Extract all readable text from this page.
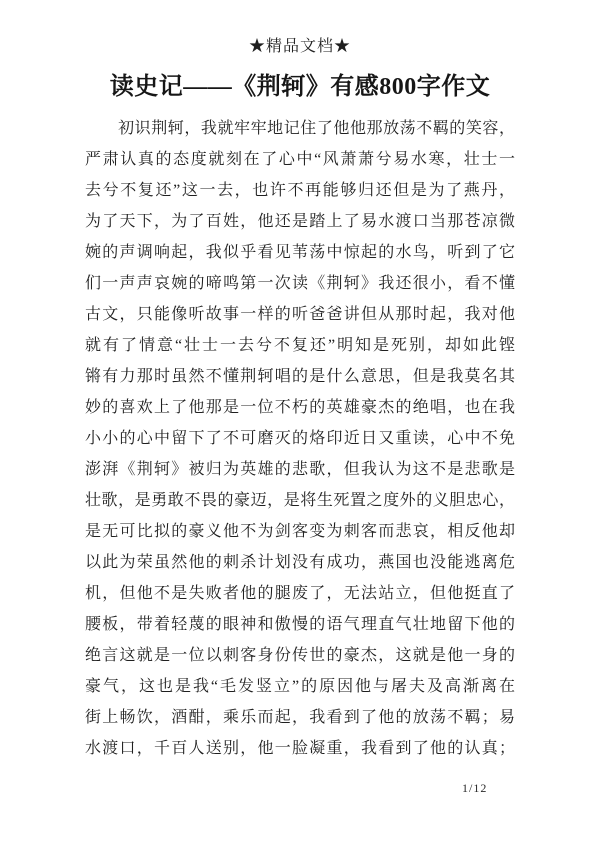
★精品文档★
读史记——《荆轲》有感800字作文
　　初识荆轲，我就牢牢地记住了他他那放荡不羁的笑容，
严肃认真的态度就刻在了心中“风萧萧兮易水寒，壮士一
去兮不复还”这一去，也许不再能够归还但是为了燕丹，
为了天下，为了百姓，他还是踏上了易水渡口当那苍凉微
婉的声调响起，我似乎看见苇荡中惊起的水鸟，听到了它
们一声声哀婉的啼鸣第一次读《荆轲》我还很小，看不懂
古文，只能像听故事一样的听爸爸讲但从那时起，我对他
就有了情意“壮士一去兮不复还”明知是死别，却如此铿
锵有力那时虽然不懂荆轲唱的是什么意思，但是我莫名其
妙的喜欢上了他那是一位不朽的英雄豪杰的绝唱，也在我
小小的心中留下了不可磨灭的烙印近日又重读，心中不免
澎湃《荆轲》被归为英雄的悲歌，但我认为这不是悲歌是
壮歌，是勇敢不畏的豪迈，是将生死置之度外的义胆忠心，
是无可比拟的豪义他不为剑客变为刺客而悲哀，相反他却
以此为荣虽然他的刺杀计划没有成功，燕国也没能逃离危
机，但他不是失败者他的腿废了，无法站立，但他挺直了
腰板，带着轻蔑的眼神和傲慢的语气理直气壮地留下他的
绝言这就是一位以刺客身份传世的豪杰，这就是他一身的
豪气，这也是我“毛发竖立”的原因他与屠夫及高渐离在
街上畅饮，酒酣，乘乐而起，我看到了他的放荡不羁；易
水渡口，千百人送别，他一脸凝重，我看到了他的认真；
1/12
